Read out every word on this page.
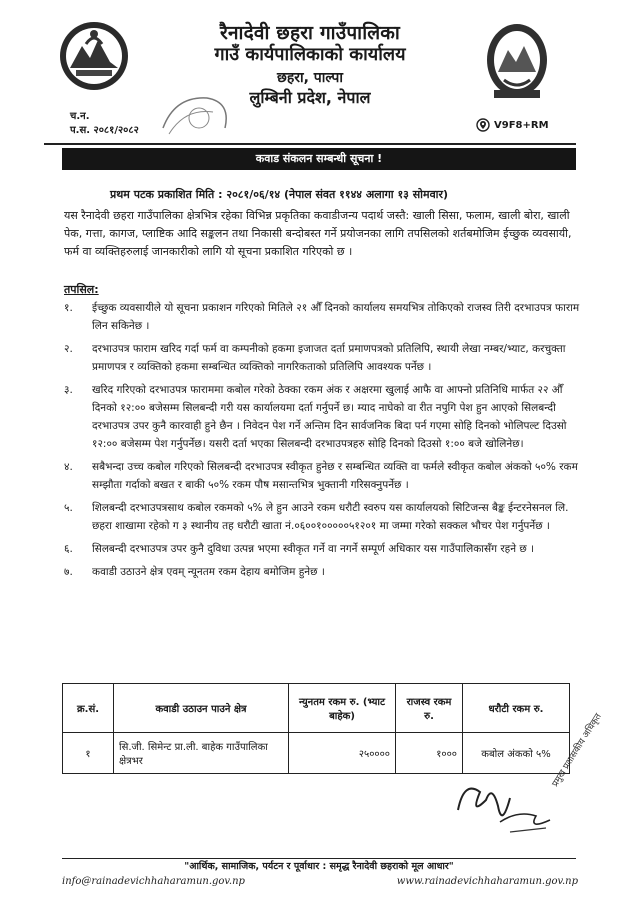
रैनादेवी छहरा गाउँपालिका
गाउँ कार्यपालिकाको कार्यालय
छहरा, पाल्पा
लुम्बिनी प्रदेश, नेपाल
च.न.
प.स. २०८१/२०८२	V9F8+RM
कवाड संकलन सम्बन्धी सूचना !
प्रथम पटक प्रकाशित मिति : २०८१/०६/१४ (नेपाल संवत ११४४ अलागा १३ सोमवार)
यस रैनादेवी छहरा गाउँपालिका क्षेत्रभित्र रहेका विभिन्न प्रकृतिका कवाडीजन्य पदार्थ जस्तै: खाली सिसा, फलाम, खाली बोरा, खाली पेक, गत्ता, कागज, प्लाष्टिक आदि सङ्कलन तथा निकासी बन्दोबस्त गर्ने प्रयोजनका लागि तपसिलको शर्तबमोजिम ईच्छुक व्यवसायी, फर्म वा व्यक्तिहरुलाई जानकारीको लागि यो सूचना प्रकाशित गरिएको छ ।
तपसिल:
१.	ईच्छुक व्यवसायीले यो सूचना प्रकाशन गरिएको मितिले २१ औँ दिनको कार्यालय समयभित्र तोकिएको राजस्व तिरी दरभाउपत्र फाराम लिन सकिनेछ ।
२.	दरभाउपत्र फाराम खरिद गर्दा फर्म वा कम्पनीको हकमा इजाजत दर्ता प्रमाणपत्रको प्रतिलिपि, स्थायी लेखा नम्बर/भ्याट, करचुक्ता प्रमाणपत्र र व्यक्तिको हकमा सम्बन्धित व्यक्तिको नागरिकताको प्रतिलिपि आवश्यक पर्नेछ ।
३.	खरिद गरिएको दरभाउपत्र फाराममा कबोल गरेको ठेक्का रकम अंक र अक्षरमा खुलाई आफै वा आफ्नो प्रतिनिधि मार्फत २२ औँ दिनको १२:०० बजेसम्म सिलबन्दी गरी यस कार्यालयमा दर्ता गर्नुपर्ने छ। म्याद नाघेको वा रीत नपुगि पेश हुन आएको सिलबन्दी दरभाउपत्र उपर कुनै कारवाही हुने छैन । निवेदन पेश गर्ने अन्तिम दिन सार्वजनिक बिदा पर्न गएमा सोहि दिनको भोलिपल्ट दिउसो १२:०० बजेसम्म पेश गर्नुपर्नेछ। यसरी दर्ता भएका सिलबन्दी दरभाउपत्रहरु सोहि दिनको दिउसो १:०० बजे खोलिनेछ।
४.	सबैभन्दा उच्च कबोल गरिएको सिलबन्दी दरभाउपत्र स्वीकृत हुनेछ र सम्बन्धित व्यक्ति वा फर्मले स्वीकृत कबोल अंकको ५०% रकम सम्झौता गर्दाको बखत र बाकी ५०% रकम पौष मसान्तभित्र भुक्तानी गरिसक्नुपर्नेछ ।
५.	शिलबन्दी दरभाउपत्रसाथ कबोल रकमको ५% ले हुन आउने रकम धरौटी स्वरुप यस कार्यालयको सिटिजन्स बैङ्क ईन्टरनेसनल लि. छहरा शाखामा रहेको ग ३ स्थानीय तह धरौटी खाता नं.०६००१०००००५१२०१ मा जम्मा गरेको सक्कल भौचर पेश गर्नुपर्नेछ ।
६.	सिलबन्दी दरभाउपत्र उपर कुनै दुविधा उत्पन्न भएमा स्वीकृत गर्ने वा नगर्ने सम्पूर्ण अधिकार यस गाउँपालिकासँग रहने छ ।
७.	कवाडी उठाउने क्षेत्र एवम् न्यूनतम रकम देहाय बमोजिम हुनेछ ।
क्र.सं.	कवाडी उठाउन पाउने क्षेत्र	न्युनतम रकम रु. (भ्याट बाहेक)	राजस्व रकम रु.	धरौटी रकम रु.
१	सि.जी. सिमेन्ट प्रा.ली. बाहेक गाउँपालिका क्षेत्रभर	२५००००	१०००	कबोल अंकको ५% प्रमुख प्रशासकीय अधिकृत
"आर्थिक, सामाजिक, पर्यटन र पूर्वाधार : समृद्ध रैनादेवी छहराको मूल आधार"
info@rainadevichhaharamun.gov.np	www.rainadevichhaharamun.gov.np
